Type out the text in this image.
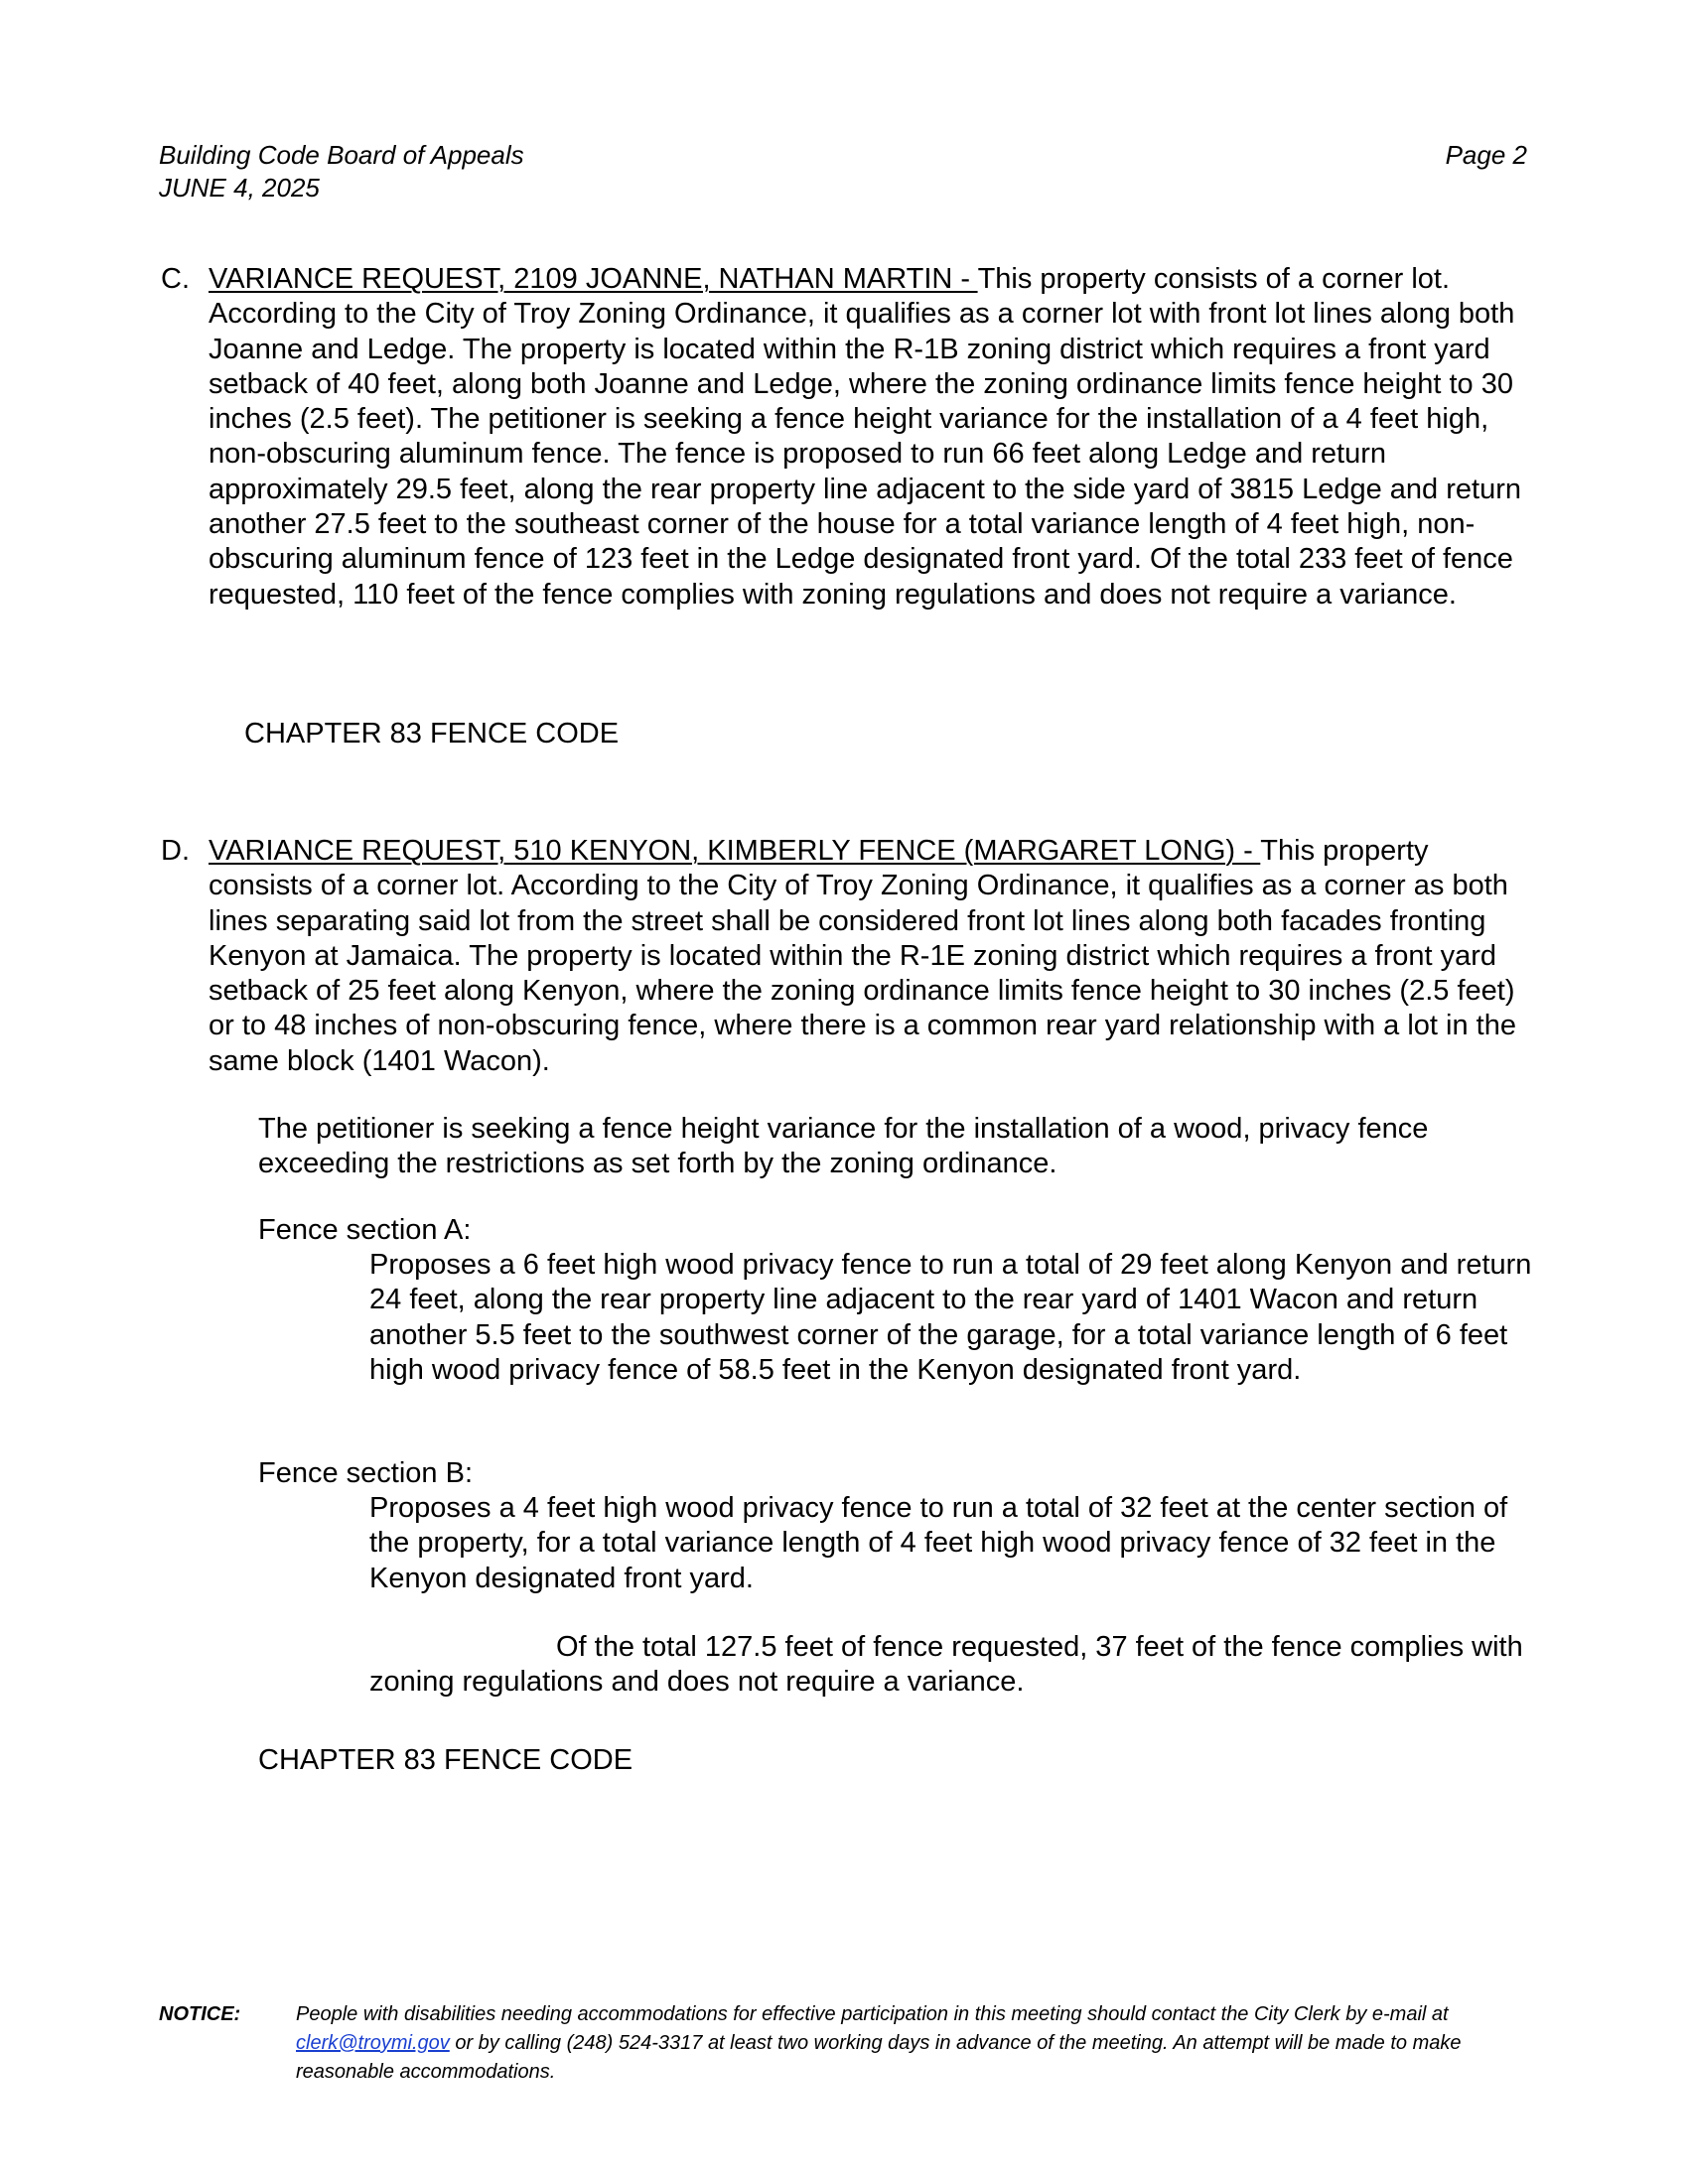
Building Code Board of Appeals
JUNE 4, 2025
Page 2
C. VARIANCE REQUEST, 2109 JOANNE, NATHAN MARTIN - This property consists of a corner lot. According to the City of Troy Zoning Ordinance, it qualifies as a corner lot with front lot lines along both Joanne and Ledge. The property is located within the R-1B zoning district which requires a front yard setback of 40 feet, along both Joanne and Ledge, where the zoning ordinance limits fence height to 30 inches (2.5 feet). The petitioner is seeking a fence height variance for the installation of a 4 feet high, non-obscuring aluminum fence. The fence is proposed to run 66 feet along Ledge and return approximately 29.5 feet, along the rear property line adjacent to the side yard of 3815 Ledge and return another 27.5 feet to the southeast corner of the house for a total variance length of 4 feet high, non-obscuring aluminum fence of 123 feet in the Ledge designated front yard. Of the total 233 feet of fence requested, 110 feet of the fence complies with zoning regulations and does not require a variance.
CHAPTER 83 FENCE CODE
D. VARIANCE REQUEST, 510 KENYON, KIMBERLY FENCE (MARGARET LONG) - This property consists of a corner lot. According to the City of Troy Zoning Ordinance, it qualifies as a corner as both lines separating said lot from the street shall be considered front lot lines along both facades fronting Kenyon at Jamaica. The property is located within the R-1E zoning district which requires a front yard setback of 25 feet along Kenyon, where the zoning ordinance limits fence height to 30 inches (2.5 feet) or to 48 inches of non-obscuring fence, where there is a common rear yard relationship with a lot in the same block (1401 Wacon).
The petitioner is seeking a fence height variance for the installation of a wood, privacy fence exceeding the restrictions as set forth by the zoning ordinance.
Fence section A:
Proposes a 6 feet high wood privacy fence to run a total of 29 feet along Kenyon and return 24 feet, along the rear property line adjacent to the rear yard of 1401 Wacon and return another 5.5 feet to the southwest corner of the garage, for a total variance length of 6 feet high wood privacy fence of 58.5 feet in the Kenyon designated front yard.
Fence section B:
Proposes a 4 feet high wood privacy fence to run a total of 32 feet at the center section of the property, for a total variance length of 4 feet high wood privacy fence of 32 feet in the Kenyon designated front yard.
Of the total 127.5 feet of fence requested, 37 feet of the fence complies with zoning regulations and does not require a variance.
CHAPTER 83 FENCE CODE
NOTICE:	People with disabilities needing accommodations for effective participation in this meeting should contact the City Clerk by e-mail at clerk@troymi.gov or by calling (248) 524-3317 at least two working days in advance of the meeting. An attempt will be made to make reasonable accommodations.
